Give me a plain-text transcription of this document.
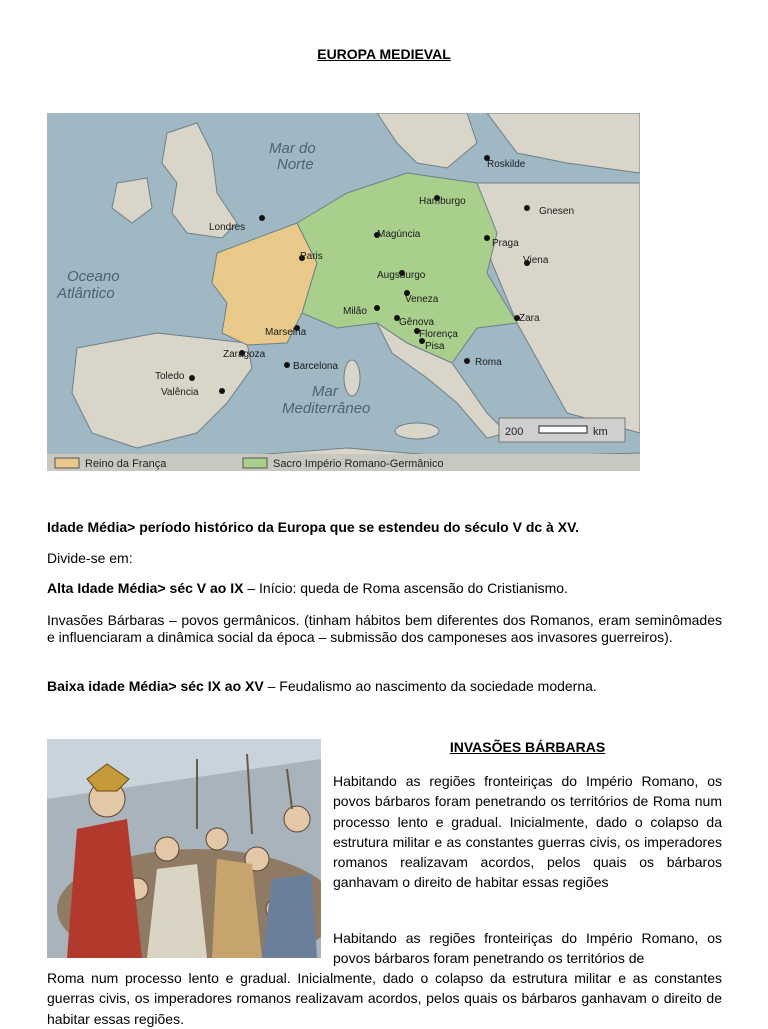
EUROPA MEDIEVAL
Mar do
Norte
Oceano
Atlântico
Mar
Mediterrâneo
Roskilde
Hamburgo
Gnesen
Londres
Magúncia
Praga
Paris	Viena
Augsburgo
Veneza
Milão
Gênova	Zara
Marselha	Florença
Zaragoza
Pisa
Roma
Barcelona
Toledo
Valência
200	km
Reino da França	Sacro Império Romano-Germânico

Idade Média> período histórico da Europa que se estendeu do século V dc à XV.

Divide-se em:

Alta Idade Média> séc V ao IX – Início: queda de Roma ascensão do Cristianismo.

Invasões Bárbaras – povos germânicos. (tinham hábitos bem diferentes dos Romanos, eram seminômades e influenciaram a dinâmica social da época – submissão dos camponeses aos invasores guerreiros).

Baixa idade Média> séc IX ao XV – Feudalismo ao nascimento da sociedade moderna.

INVASÕES BÁRBARAS

Habitando as regiões fronteiriças do Império Romano, os povos bárbaros foram penetrando os territórios de Roma num processo lento e gradual. Inicialmente, dado o colapso da estrutura militar e as constantes guerras civis, os imperadores romanos realizavam acordos, pelos quais os bárbaros ganhavam o direito de habitar essas regiões

Habitando as regiões fronteiriças do Império Romano, os povos bárbaros foram penetrando os territórios de

Roma num processo lento e gradual. Inicialmente, dado o colapso da estrutura militar e as constantes guerras civis, os imperadores romanos realizavam acordos, pelos quais os bárbaros ganhavam o direito de habitar essas regiões.
